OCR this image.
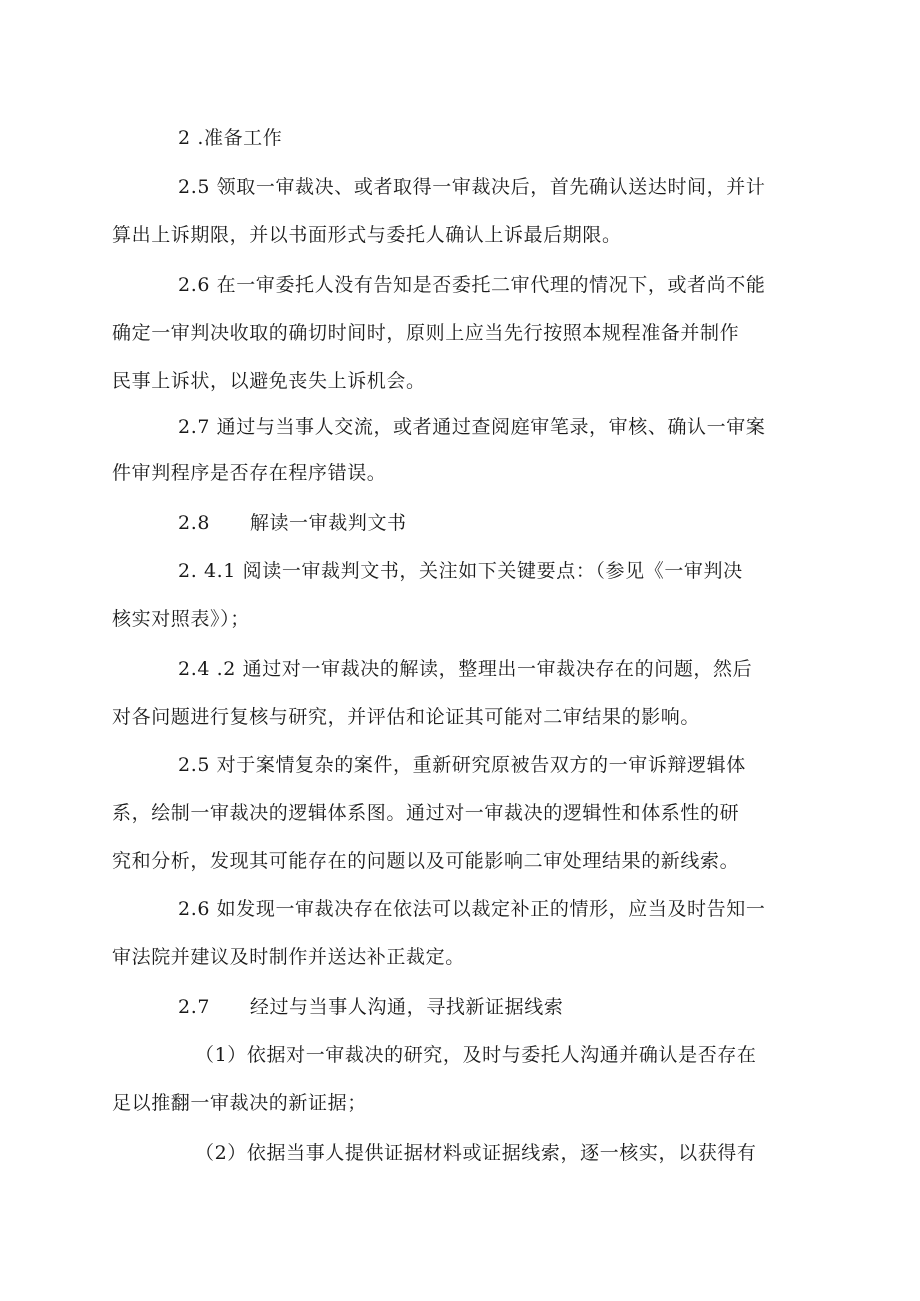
2 .准备工作
2.5 领取一审裁决、或者取得一审裁决后，首先确认送达时间，并计
算出上诉期限，并以书面形式与委托人确认上诉最后期限。
2.6 在一审委托人没有告知是否委托二审代理的情况下，或者尚不能
确定一审判决收取的确切时间时，原则上应当先行按照本规程准备并制作
民事上诉状，以避免丧失上诉机会。
2.7 通过与当事人交流，或者通过查阅庭审笔录，审核、确认一审案
件审判程序是否存在程序错误。
2.8      解读一审裁判文书
2. 4.1 阅读一审裁判文书，关注如下关键要点：（参见《一审判决
核实对照表》）；
2.4 .2 通过对一审裁决的解读，整理出一审裁决存在的问题，然后
对各问题进行复核与研究，并评估和论证其可能对二审结果的影响。
2.5 对于案情复杂的案件，重新研究原被告双方的一审诉辩逻辑体
系，绘制一审裁决的逻辑体系图。通过对一审裁决的逻辑性和体系性的研
究和分析，发现其可能存在的问题以及可能影响二审处理结果的新线索。
2.6 如发现一审裁决存在依法可以裁定补正的情形，应当及时告知一
审法院并建议及时制作并送达补正裁定。
2.7      经过与当事人沟通，寻找新证据线索
（1）依据对一审裁决的研究，及时与委托人沟通并确认是否存在
足以推翻一审裁决的新证据；
（2）依据当事人提供证据材料或证据线索，逐一核实，以获得有
